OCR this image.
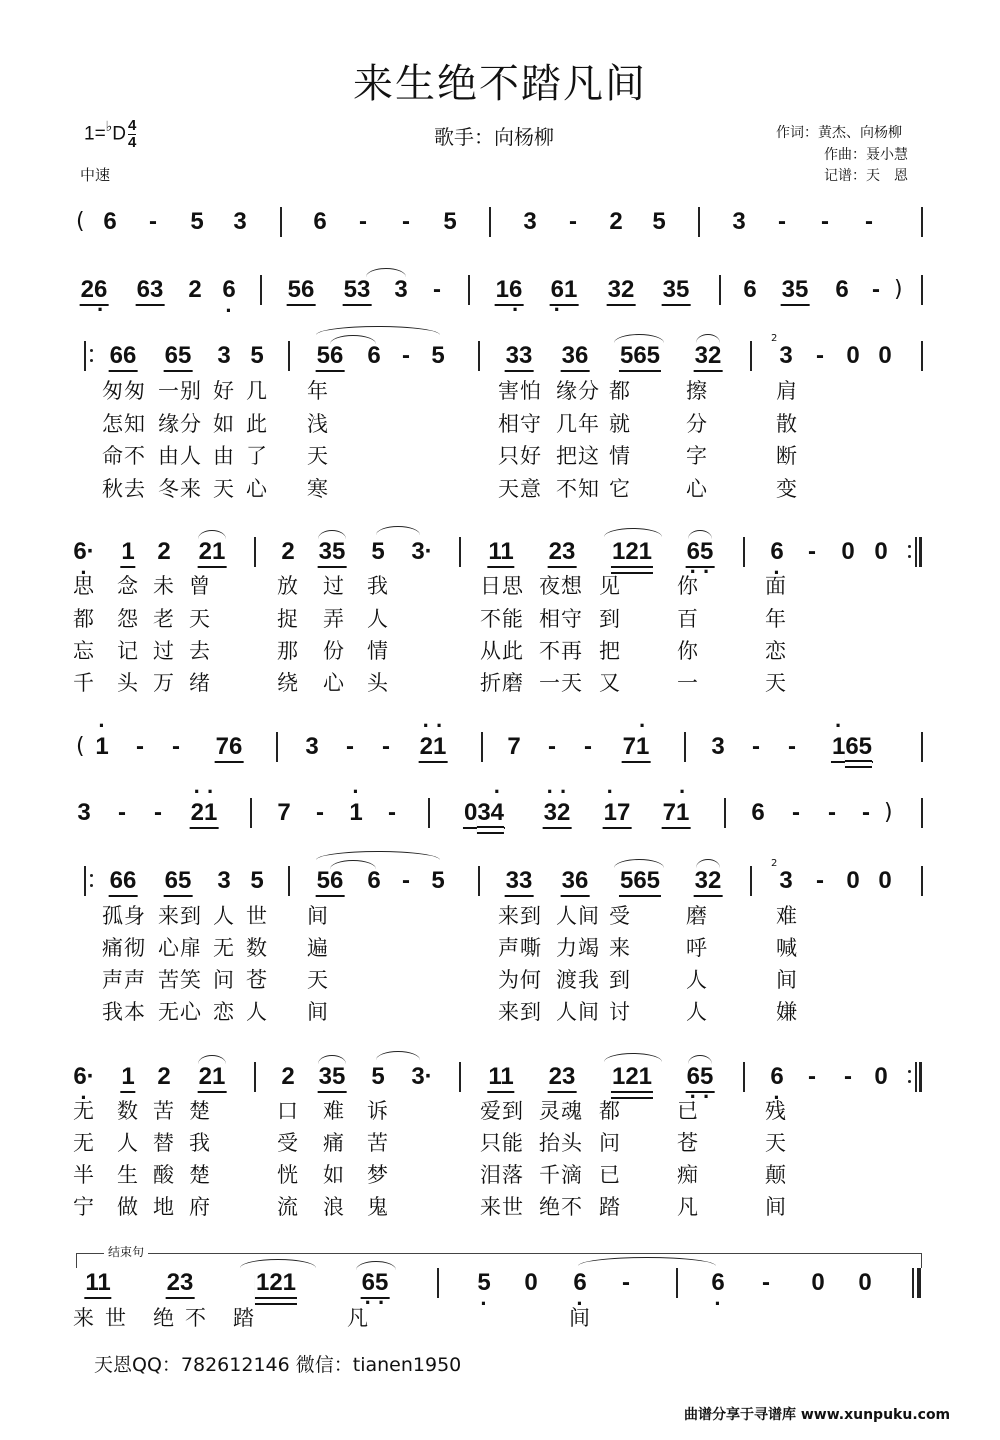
来生绝不踏凡间
$1=^♭D \frac{4}{4}$
中速
歌手：向杨柳	作词：黄杰、向杨柳
作曲：聂小慧
记谱：天　恩
( 6 - 5 3	6 - - 5	3 - 2 5	3 - - -
26 · 63 2 6 · 56 53 3 - 16 · 6 ·1 32 35 6 35 6 - )
66 65 3 5 56 6 - 5	33 36 565 32
2
3 - 0 0
匆匆 一别 好 几 年	害怕 缘分 都	擦	肩
怎知 缘分 如 此 浅	相守 几年 就	分	散
命不 由人 由 了 天	只好 把这 情	字	断
秋去 冬来 天 心 寒	天意 不知 它	心	变
6· · 1 2 21 2 35 5 3· 11 23 121 6 ·5 · 6 · - 0 0
思 念 未 曾	放 过 我	日思 夜想 见	你	面
都 怨 老 天	捉 弄 人	不能 相守 到	百	年
忘 记 过 去	那 份 情	从此 不再 把	你	恋
千 头 万 绪	绕 心 头	折磨 一天 又	一	天
( · 1 - - 76	3 - - · 2· 1	7 - - 7· 1	3 - - · 165
3 - - · 2· 1 7 - · 1 -	03· 4 · 3· 2 · 17 7· 1	6 - - - )
66 65 3 5 56 6 - 5	33 36 565 32
2
3 - 0 0
孤身 来到 人 世 间	来到 人间 受	磨	难
痛彻 心扉 无 数 遍	声嘶 力竭 来	呼	喊
声声 苦笑 问 苍 天	为何 渡我 到	人	间
我本 无心 恋 人 间	来到 人间 讨	人	嫌
6· · 1 2 21 2 35 5 3· 11 23 121 6 ·5 · 6 · - - 0
无 数 苦 楚	口 难 诉	爱到 灵魂 都	已	残
无 人 替 我	受 痛 苦	只能 抬头 问	苍	天
半 生 酸 楚	恍 如 梦	泪落 千滴 已	痴	颠
宁 做 地 府	流 浪 鬼	来世 绝不 踏	凡	间
结束句
11 23	121	6 ·5 ·	5 · 0 6 · -	6 · - 0 0
来 世 绝 不 踏	凡	间
天恩QQ：782612146 微信：tianen1950
曲谱分享于寻谱库 www.xunpuku.com
